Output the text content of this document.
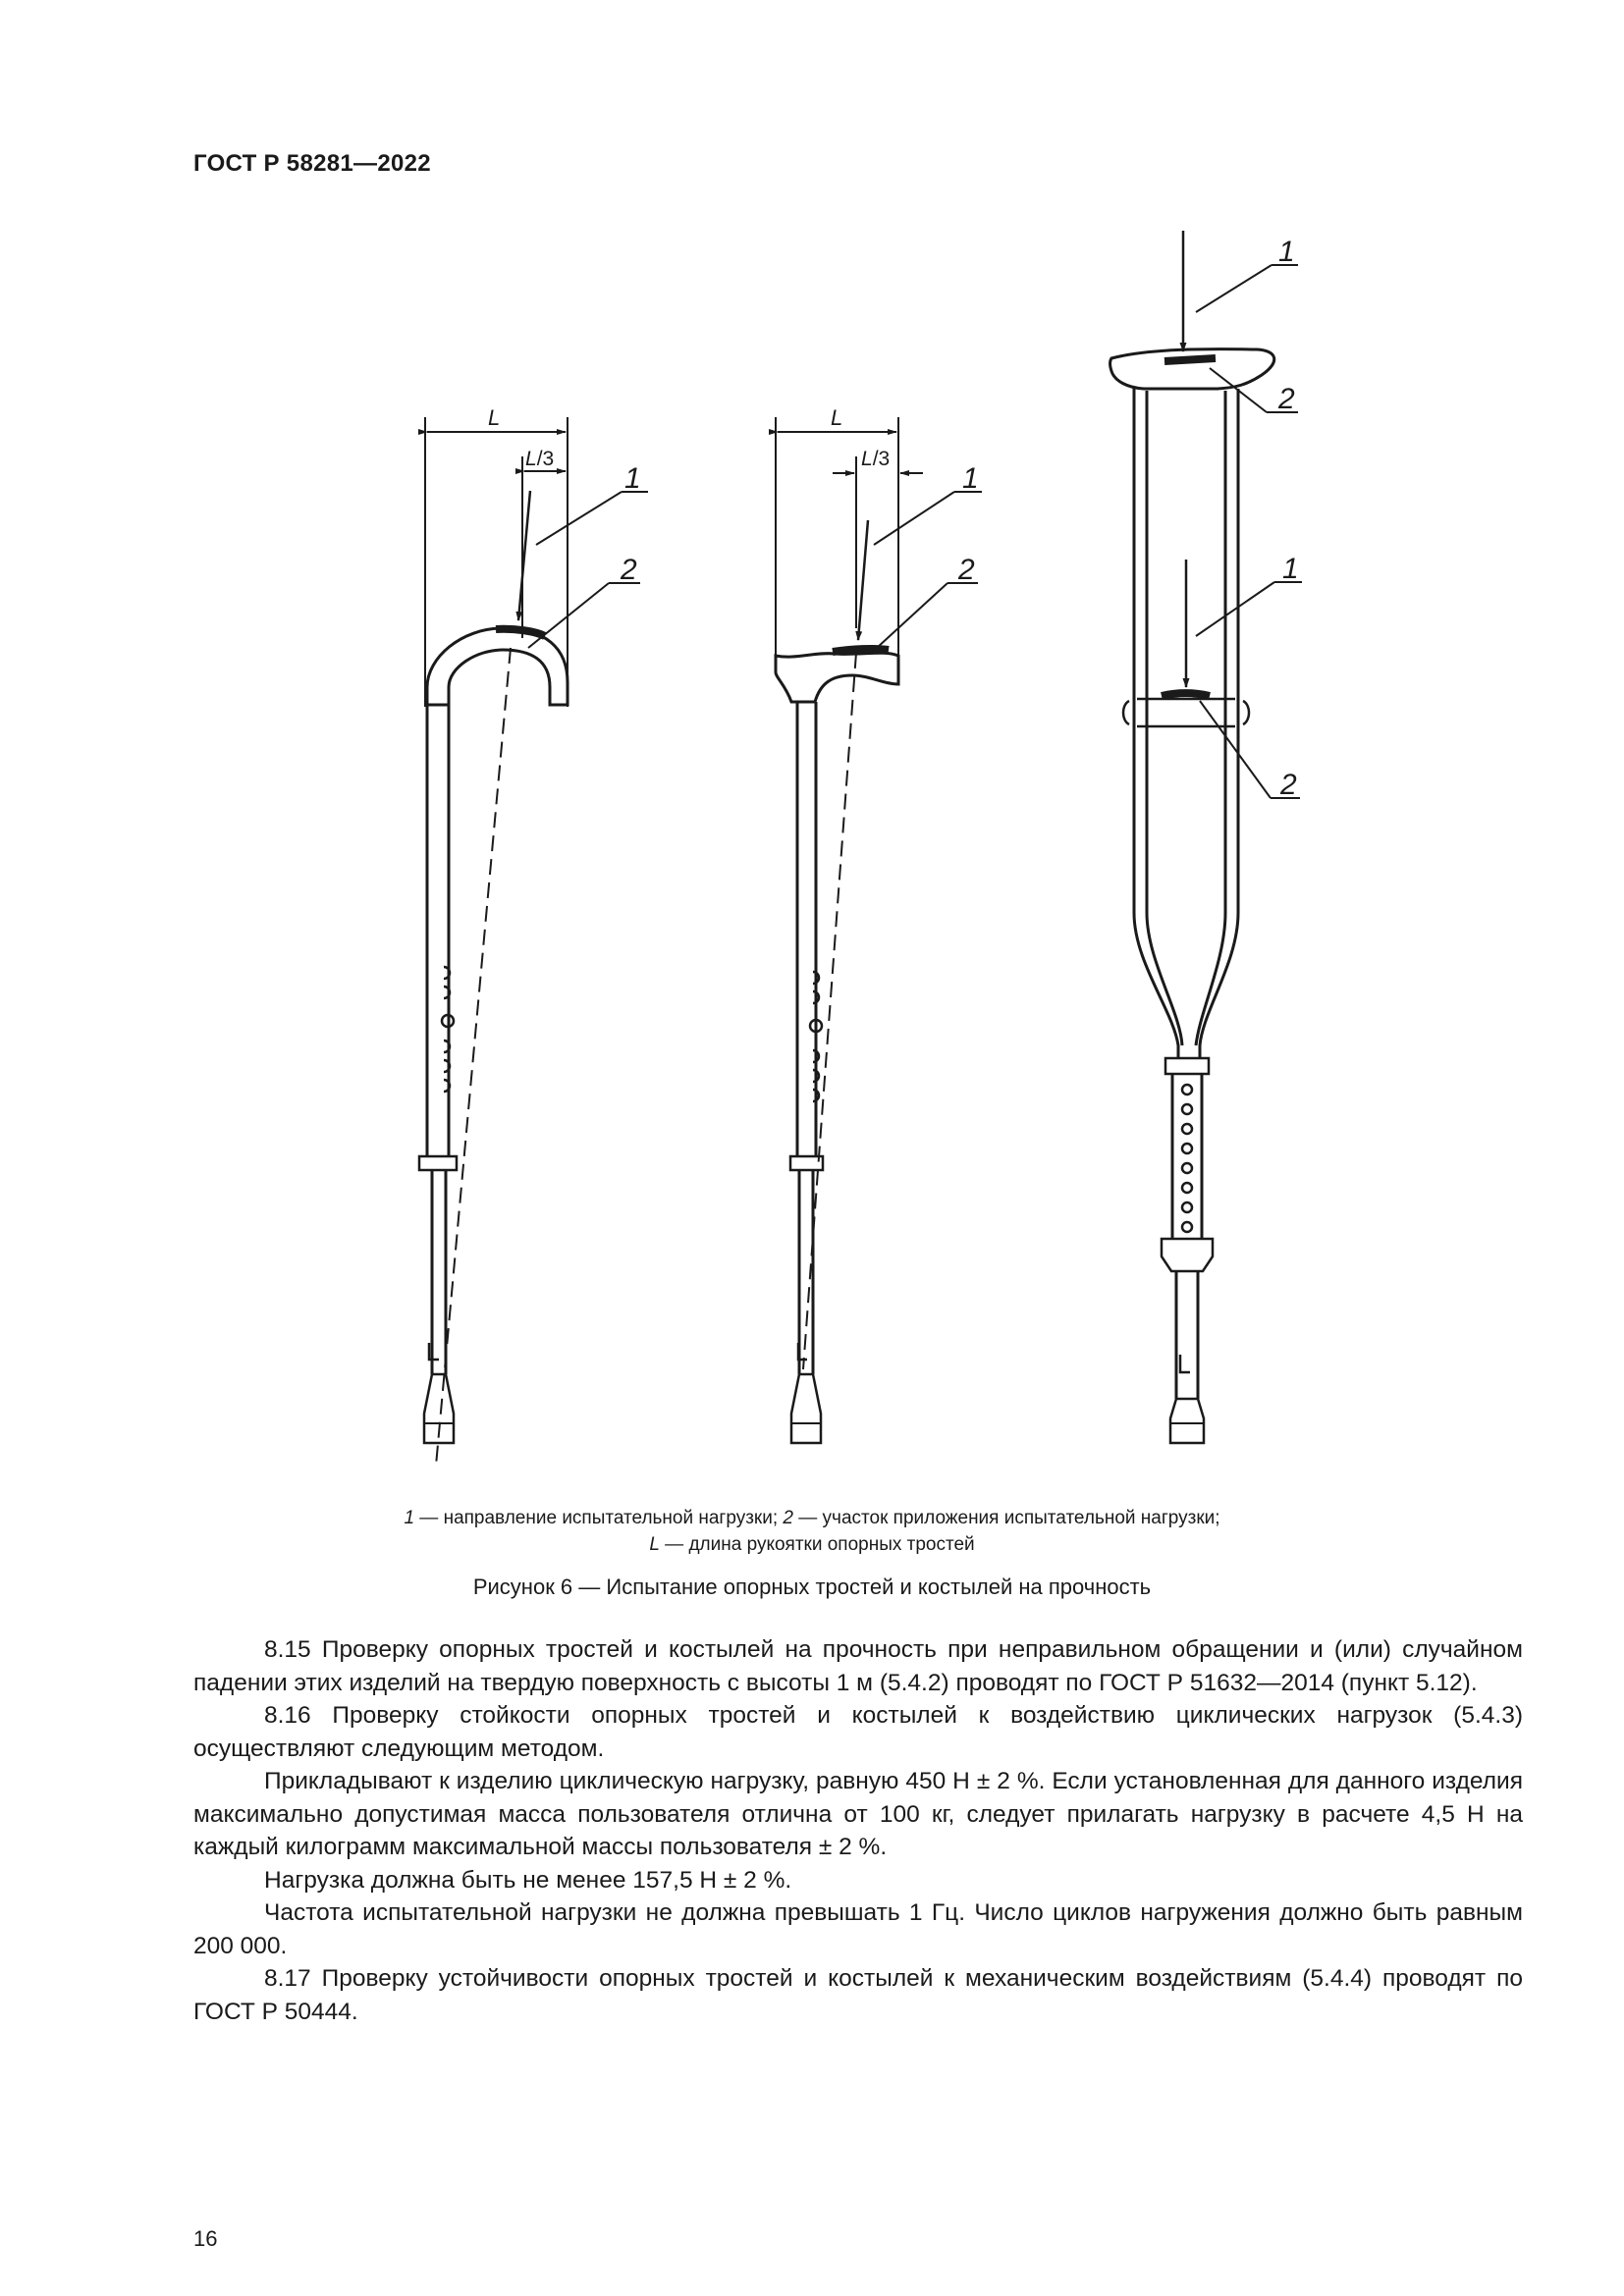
ГОСТ Р 58281—2022
L
L/3
1
2
L
L/3
1
2
1
2
1
2
1 — направление испытательной нагрузки; 2 — участок приложения испытательной нагрузки;
L — длина рукоятки опорных тростей
Рисунок 6 — Испытание опорных тростей и костылей на прочность

8.15 Проверку опорных тростей и костылей на прочность при неправильном обращении и (или) случайном падении этих изделий на твердую поверхность с высоты 1 м (5.4.2) проводят по ГОСТ Р 51632—2014 (пункт 5.12).

8.16 Проверку стойкости опорных тростей и костылей к воздействию циклических нагрузок (5.4.3) осуществляют следующим методом.

Прикладывают к изделию циклическую нагрузку, равную 450 Н ± 2 %. Если установленная для данного изделия максимально допустимая масса пользователя отлична от 100 кг, следует прилагать нагрузку в расчете 4,5 Н на каждый килограмм максимальной массы пользователя ± 2 %.

Нагрузка должна быть не менее 157,5 Н ± 2 %.

Частота испытательной нагрузки не должна превышать 1 Гц. Число циклов нагружения должно быть равным 200 000.

8.17 Проверку устойчивости опорных тростей и костылей к механическим воздействиям (5.4.4) проводят по ГОСТ Р 50444.

16
